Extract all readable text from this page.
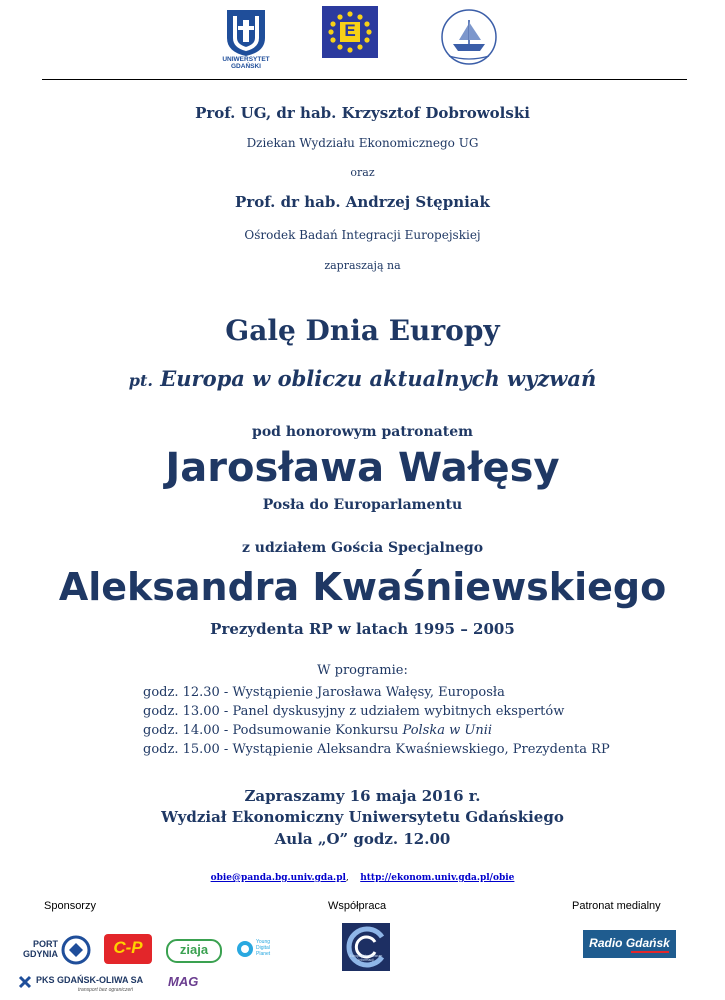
UNIWERSYTET GDAŃSKI
E
Prof. UG, dr hab. Krzysztof Dobrowolski
Dziekan Wydziału Ekonomicznego UG
oraz
Prof. dr hab. Andrzej Stępniak
Ośrodek Badań Integracji Europejskiej
zapraszają na
Galę Dnia Europy
pt. Europa w obliczu aktualnych wyzwań
pod honorowym patronatem
Jarosława Wałęsy
Posła do Europarlamentu
z udziałem Gościa Specjalnego
Aleksandra Kwaśniewskiego
Prezydenta RP w latach 1995 – 2005
W programie:
godz. 12.30 - Wystąpienie Jarosława Wałęsy, Europosła
godz. 13.00 - Panel dyskusyjny z udziałem wybitnych ekspertów
godz. 14.00 - Podsumowanie Konkursu Polska w Unii
godz. 15.00 - Wystąpienie Aleksandra Kwaśniewskiego, Prezydenta RP
Zapraszamy 16 maja 2016 r.
Wydział Ekonomiczny Uniwersytetu Gdańskiego
Aula „O” godz. 12.00
obie@panda.bg.univ.gda.pl, http://ekonom.univ.gda.pl/obie
Sponsorzy	Współpraca	Patronat medialny
PORT GDYNIA	C-P	ziaja	Young Digital Planet
PKS GDAŃSK-OLIWA SA
transport bez ograniczeń
MAG
Europejskie Centrum Informacji
Radio Gdańsk
